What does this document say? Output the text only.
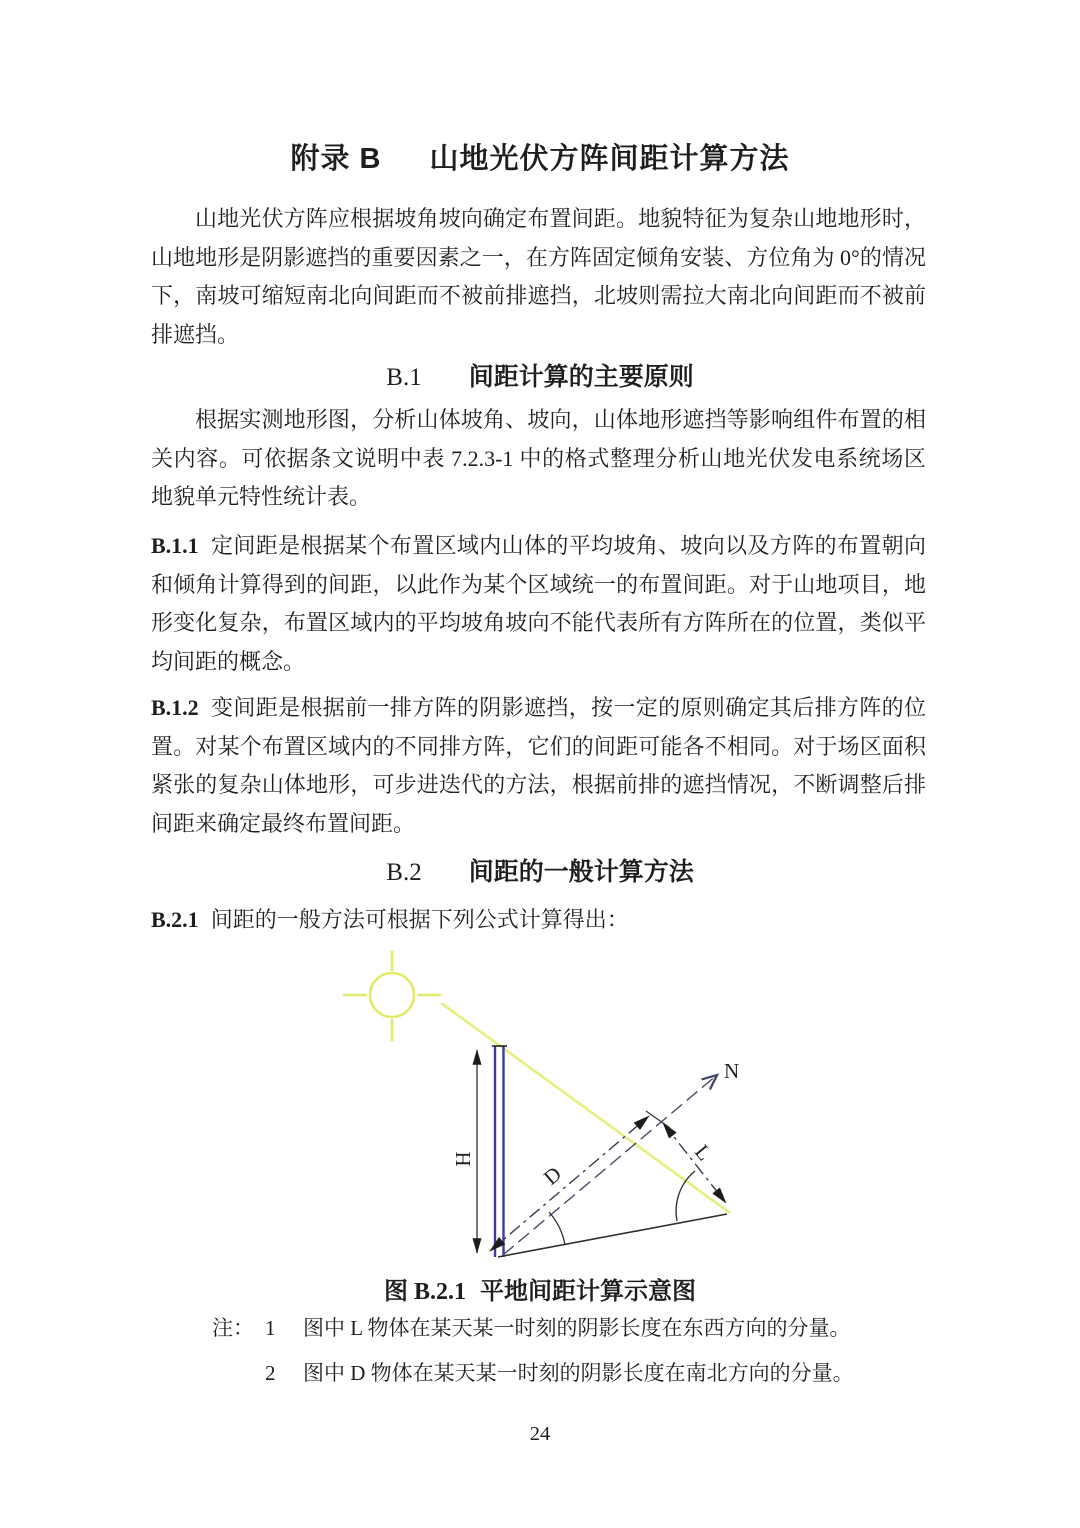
附录 B 山地光伏方阵间距计算方法

山地光伏方阵应根据坡角坡向确定布置间距。地貌特征为复杂山地地形时，山地地形是阴影遮挡的重要因素之一，在方阵固定倾角安装、方位角为 0°的情况下，南坡可缩短南北向间距而不被前排遮挡，北坡则需拉大南北向间距而不被前排遮挡。

B.1 间距计算的主要原则

根据实测地形图，分析山体坡角、坡向，山体地形遮挡等影响组件布置的相关内容。可依据条文说明中表 7.2.3-1 中的格式整理分析山地光伏发电系统场区地貌单元特性统计表。

B.1.1 定间距是根据某个布置区域内山体的平均坡角、坡向以及方阵的布置朝向和倾角计算得到的间距，以此作为某个区域统一的布置间距。对于山地项目，地形变化复杂，布置区域内的平均坡角坡向不能代表所有方阵所在的位置，类似平均间距的概念。

B.1.2 变间距是根据前一排方阵的阴影遮挡，按一定的原则确定其后排方阵的位置。对某个布置区域内的不同排方阵，它们的间距可能各不相同。对于场区面积紧张的复杂山体地形，可步进迭代的方法，根据前排的遮挡情况，不断调整后排间距来确定最终布置间距。

B.2 间距的一般计算方法

B.2.1 间距的一般方法可根据下列公式计算得出：

H
N
D
L
图 B.2.1 平地间距计算示意图
注： 1 图中 L 物体在某天某一时刻的阴影长度在东西方向的分量。
2 图中 D 物体在某天某一时刻的阴影长度在南北方向的分量。
24
